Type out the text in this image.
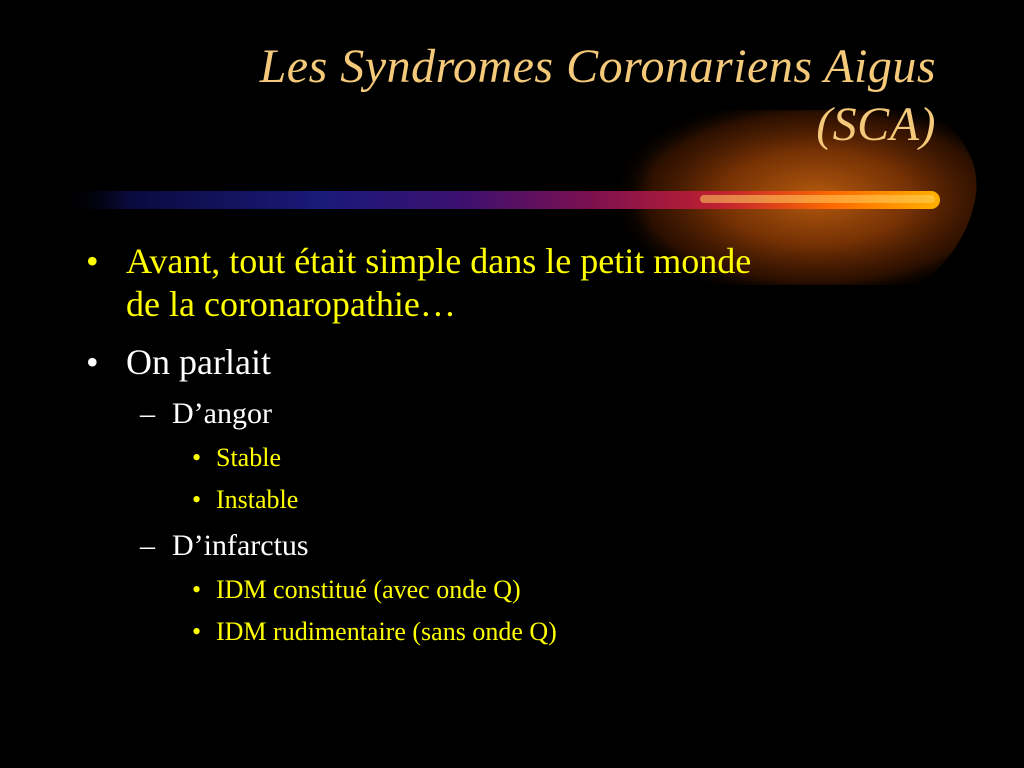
Les Syndromes Coronariens Aigus
(SCA)
• Avant, tout était simple dans le petit monde
de la coronaropathie…
• On parlait
– D’angor
• Stable
• Instable
– D’infarctus
• IDM constitué (avec onde Q)
• IDM rudimentaire (sans onde Q)
